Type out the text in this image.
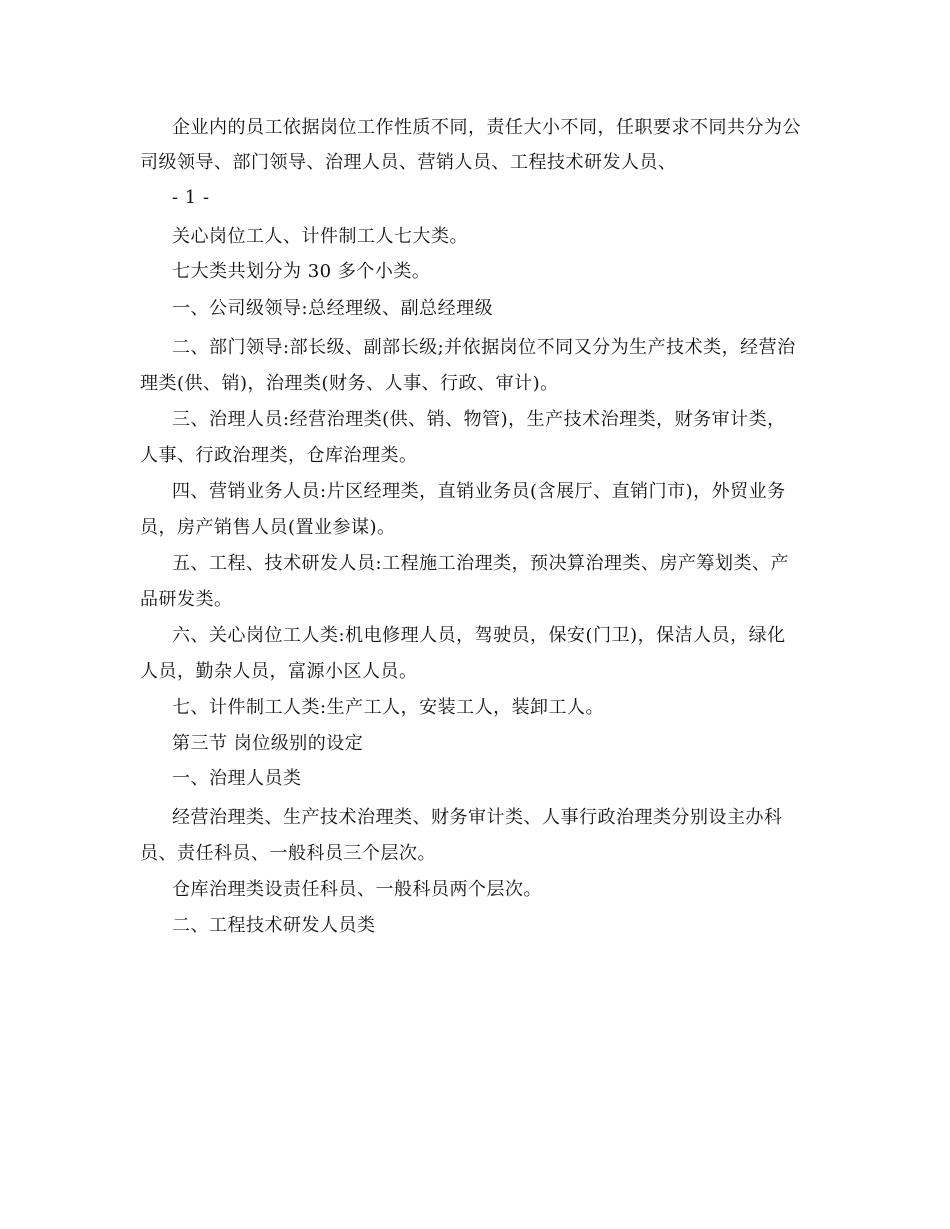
企业内的员工依据岗位工作性质不同，责任大小不同，任职要求不同共分为公
司级领导、部门领导、治理人员、营销人员、工程技术研发人员、
- 1 -
关心岗位工人、计件制工人七大类。
七大类共划分为 30 多个小类。
一、公司级领导:总经理级、副总经理级
二、部门领导:部长级、副部长级;并依据岗位不同又分为生产技术类，经营治
理类(供、销)，治理类(财务、人事、行政、审计)。
三、治理人员:经营治理类(供、销、物管)，生产技术治理类，财务审计类，
人事、行政治理类，仓库治理类。
四、营销业务人员:片区经理类，直销业务员(含展厅、直销门市)，外贸业务
员，房产销售人员(置业参谋)。
五、工程、技术研发人员:工程施工治理类，预决算治理类、房产筹划类、产
品研发类。
六、关心岗位工人类:机电修理人员，驾驶员，保安(门卫)，保洁人员，绿化
人员，勤杂人员，富源小区人员。
七、计件制工人类:生产工人，安装工人，装卸工人。
第三节 岗位级别的设定
一、治理人员类
经营治理类、生产技术治理类、财务审计类、人事行政治理类分别设主办科
员、责任科员、一般科员三个层次。
仓库治理类设责任科员、一般科员两个层次。
二、工程技术研发人员类
